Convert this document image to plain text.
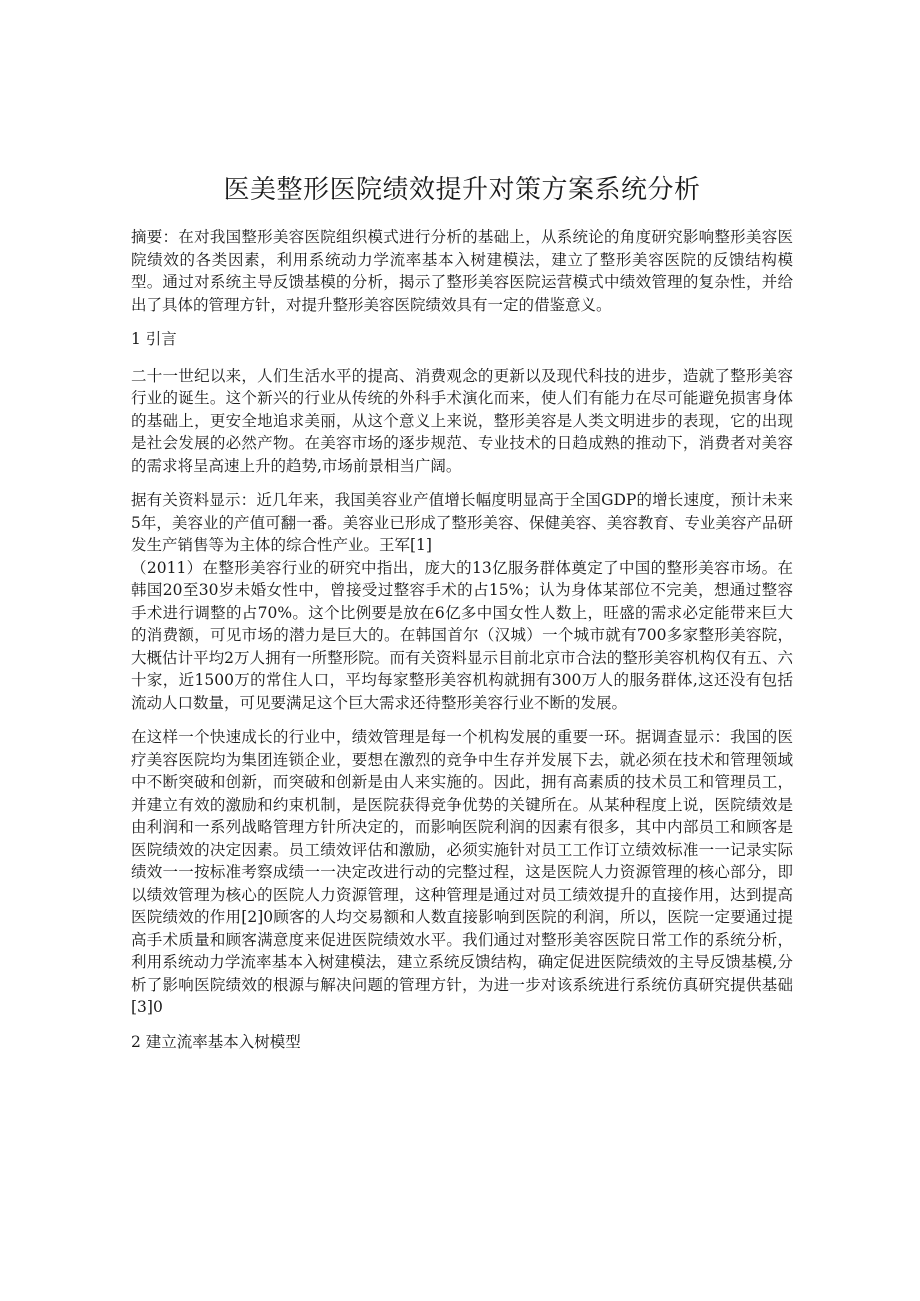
医美整形医院绩效提升对策方案系统分析

摘要：在对我国整形美容医院组织模式进行分析的基础上，从系统论的角度研究影响整形美容医院绩效的各类因素，利用系统动力学流率基本入树建模法，建立了整形美容医院的反馈结构模型。通过对系统主导反馈基模的分析，揭示了整形美容医院运营模式中绩效管理的复杂性，并给出了具体的管理方针，对提升整形美容医院绩效具有一定的借鉴意义。

1 引言

二十一世纪以来，人们生活水平的提高、消费观念的更新以及现代科技的进步，造就了整形美容行业的诞生。这个新兴的行业从传统的外科手术演化而来，使人们有能力在尽可能避免损害身体的基础上，更安全地追求美丽，从这个意义上来说，整形美容是人类文明进步的表现，它的出现是社会发展的必然产物。在美容市场的逐步规范、专业技术的日趋成熟的推动下，消费者对美容的需求将呈高速上升的趋势,市场前景相当广阔。

据有关资料显示：近几年来，我国美容业产值增长幅度明显高于全国GDP的增长速度，预计未来5年，美容业的产值可翻一番。美容业已形成了整形美容、保健美容、美容教育、专业美容产品研发生产销售等为主体的综合性产业。王军[1]

（2011）在整形美容行业的研究中指出，庞大的13亿服务群体奠定了中国的整形美容市场。在韩国20至30岁未婚女性中，曾接受过整容手术的占15%；认为身体某部位不完美，想通过整容手术进行调整的占70%。这个比例要是放在6亿多中国女性人数上，旺盛的需求必定能带来巨大的消费额，可见市场的潜力是巨大的。在韩国首尔（汉城）一个城市就有700多家整形美容院，大概估计平均2万人拥有一所整形院。而有关资料显示目前北京市合法的整形美容机构仅有五、六十家，近1500万的常住人口，平均每家整形美容机构就拥有300万人的服务群体,这还没有包括流动人口数量，可见要满足这个巨大需求还待整形美容行业不断的发展。

在这样一个快速成长的行业中，绩效管理是每一个机构发展的重要一环。据调查显示：我国的医疗美容医院均为集团连锁企业，要想在激烈的竞争中生存并发展下去，就必须在技术和管理领域中不断突破和创新，而突破和创新是由人来实施的。因此，拥有高素质的技术员工和管理员工，并建立有效的激励和约束机制，是医院获得竞争优势的关键所在。从某种程度上说，医院绩效是由利润和一系列战略管理方针所决定的，而影响医院利润的因素有很多，其中内部员工和顾客是医院绩效的决定因素。员工绩效评估和激励，必须实施针对员工工作订立绩效标准一一记录实际绩效一一按标准考察成绩一一决定改进行动的完整过程，这是医院人力资源管理的核心部分，即以绩效管理为核心的医院人力资源管理，这种管理是通过对员工绩效提升的直接作用，达到提高医院绩效的作用[2]0顾客的人均交易额和人数直接影响到医院的利润，所以，医院一定要通过提高手术质量和顾客满意度来促进医院绩效水平。我们通过对整形美容医院日常工作的系统分析，利用系统动力学流率基本入树建模法，建立系统反馈结构，确定促进医院绩效的主导反馈基模,分析了影响医院绩效的根源与解决问题的管理方针，为进一步对该系统进行系统仿真研究提供基础[3]0

2 建立流率基本入树模型
